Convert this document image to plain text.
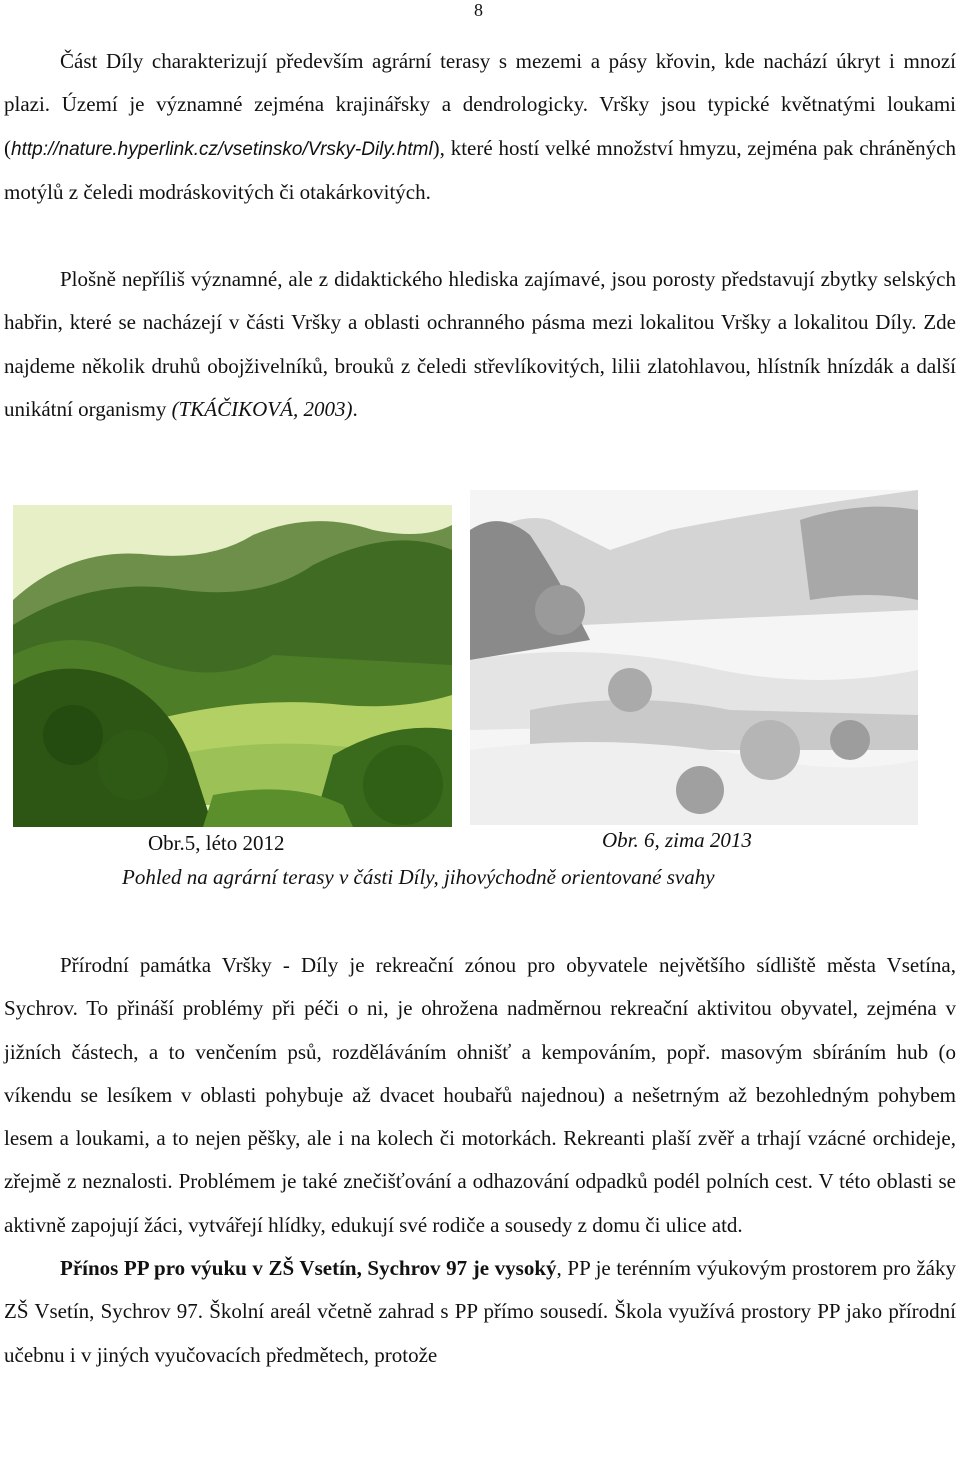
8

Část Díly charakterizují především agrární terasy s mezemi a pásy křovin, kde nachází úkryt i mnozí plazi. Území je významné zejména krajinářsky a dendrologicky. Vršky jsou typické květnatými loukami (http://nature.hyperlink.cz/vsetinsko/Vrsky-Dily.html), které hostí velké množství hmyzu, zejména pak chráněných motýlů z čeledi modráskovitých či otakárkovitých.

Plošně nepříliš významné, ale z didaktického hlediska zajímavé, jsou porosty představují zbytky selských habřin, které se nacházejí v části Vršky a oblasti ochranného pásma mezi lokalitou Vršky a lokalitou Díly. Zde najdeme několik druhů obojživelníků, brouků z čeledi střevlíkovitých, lilii zlatohlavou, hlístník hnízdák a další unikátní organismy (TKÁČIKOVÁ, 2003).

Obr.5, léto 2012	Obr. 6, zima 2013
Pohled na agrární terasy v části Díly, jihovýchodně orientované svahy

Přírodní památka Vršky - Díly je rekreační zónou pro obyvatele největšího sídliště města Vsetína, Sychrov. To přináší problémy při péči o ni, je ohrožena nadměrnou rekreační aktivitou obyvatel, zejména v jižních částech, a to venčením psů, rozděláváním ohnišť a kempováním, popř. masovým sbíráním hub (o víkendu se lesíkem v oblasti pohybuje až dvacet houbařů najednou) a nešetrným až bezohledným pohybem lesem a loukami, a to nejen pěšky, ale i na kolech či motorkách. Rekreanti plaší zvěř a trhají vzácné orchideje, zřejmě z neznalosti. Problémem je také znečišťování a odhazování odpadků podél polních cest. V této oblasti se aktivně zapojují žáci, vytvářejí hlídky, edukují své rodiče a sousedy z domu či ulice atd.
Přínos PP pro výuku v ZŠ Vsetín, Sychrov 97 je vysoký, PP je terénním výukovým prostorem pro žáky ZŠ Vsetín, Sychrov 97. Školní areál včetně zahrad s PP přímo sousedí. Škola využívá prostory PP jako přírodní učebnu i v jiných vyučovacích předmětech, protože
